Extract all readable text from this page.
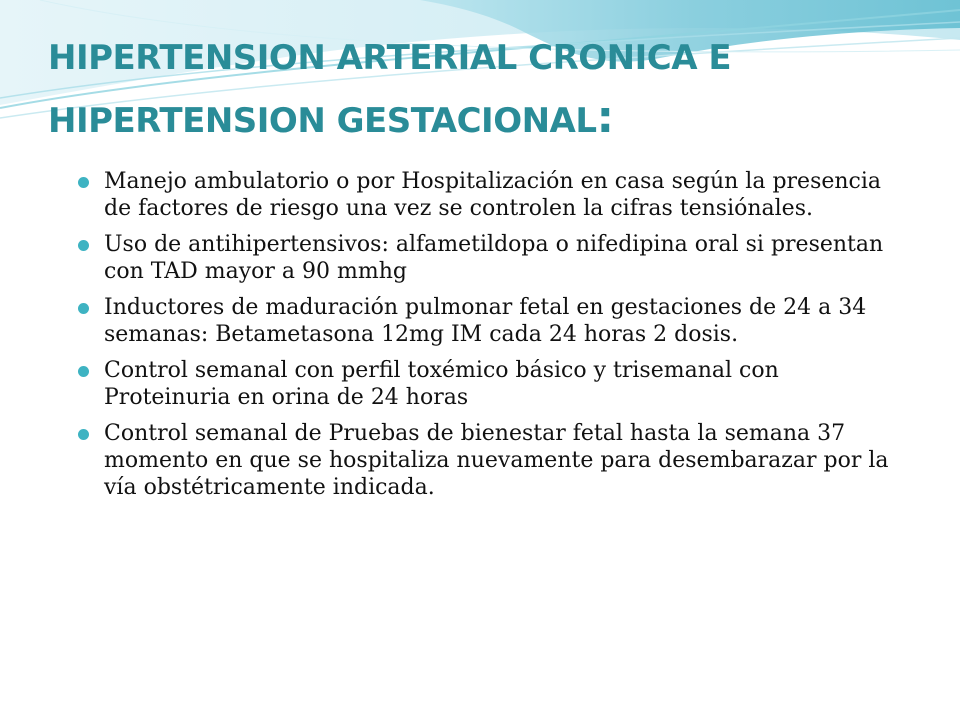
HIPERTENSION ARTERIAL CRONICA E HIPERTENSION GESTACIONAL:
Manejo ambulatorio o por Hospitalización en casa según la presencia de factores de riesgo una vez se controlen la cifras tensiónales.
Uso de antihipertensivos: alfametildopa o nifedipina oral si presentan con TAD mayor a 90 mmhg
Inductores de maduración pulmonar fetal en gestaciones de 24 a 34 semanas: Betametasona 12mg IM cada 24 horas 2 dosis.
Control semanal con perfil toxémico básico y trisemanal con Proteinuria en orina de 24 horas
Control semanal de Pruebas de bienestar fetal hasta la semana 37 momento en que se hospitaliza nuevamente para desembarazar por la vía obstétricamente indicada.
